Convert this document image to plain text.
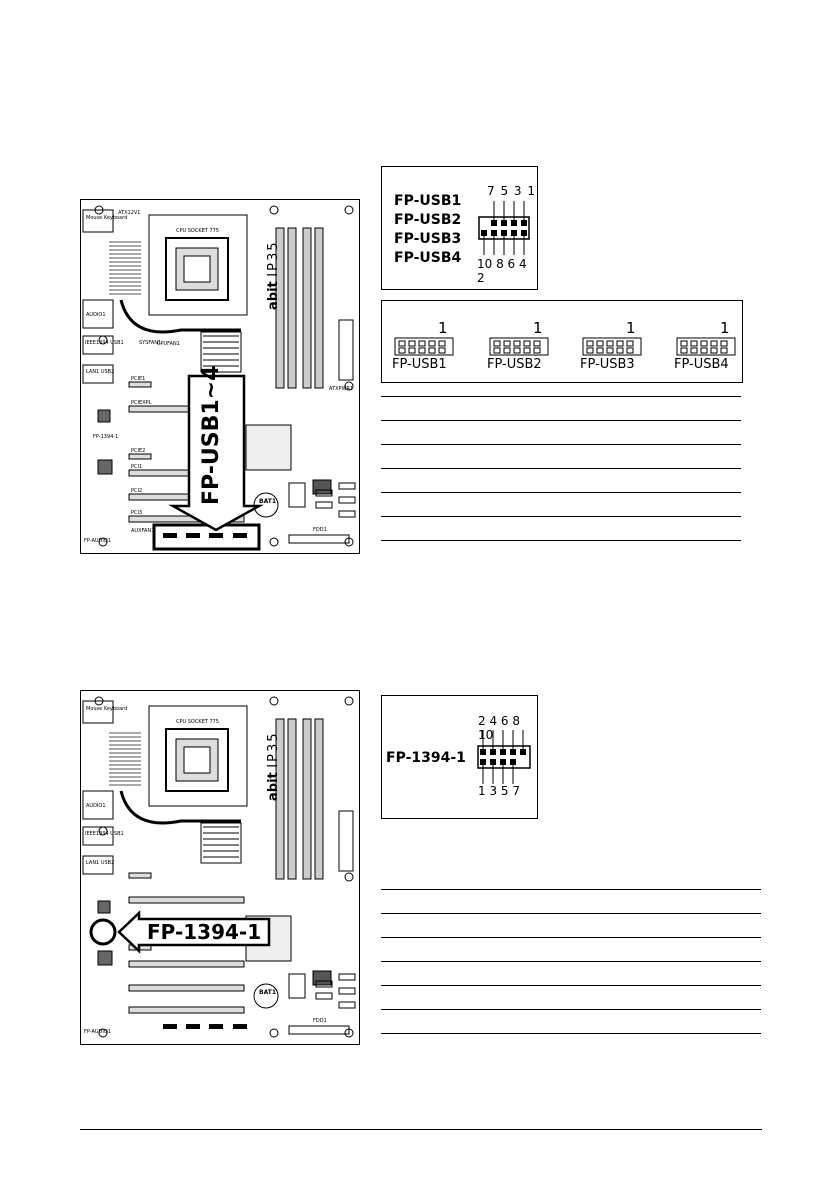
Mouse Keyboard
ATX12V1
CPU SOCKET 775
AUDIO1
IEEE1394 USB1
LAN1 USB2
SYSFAN1
CPUFAN1
PCIE1
PCIEXPL
FP-1394-1
PCIE2
PCI1
PCI2
PCI3
FP-AUDIO1
AUXFAN1
BAT1
FDD1
ATXPWR1
abit IP35
FP-USB1~4
FP-USB1
FP-USB2
FP-USB3
FP-USB4
7 5 3 1
10 8 6 4 2
1
FP-USB1
1
FP-USB2
1
FP-USB3
1
FP-USB4

CPU SOCKET 775
Mouse Keyboard
AUDIO1
IEEE1394 USB1
LAN1 USB2
FP-AUDIO1
BAT1
FDD1
abit IP35
FP-1394-1
2 4 6 8 10
FP-1394-1
1 3 5 7
